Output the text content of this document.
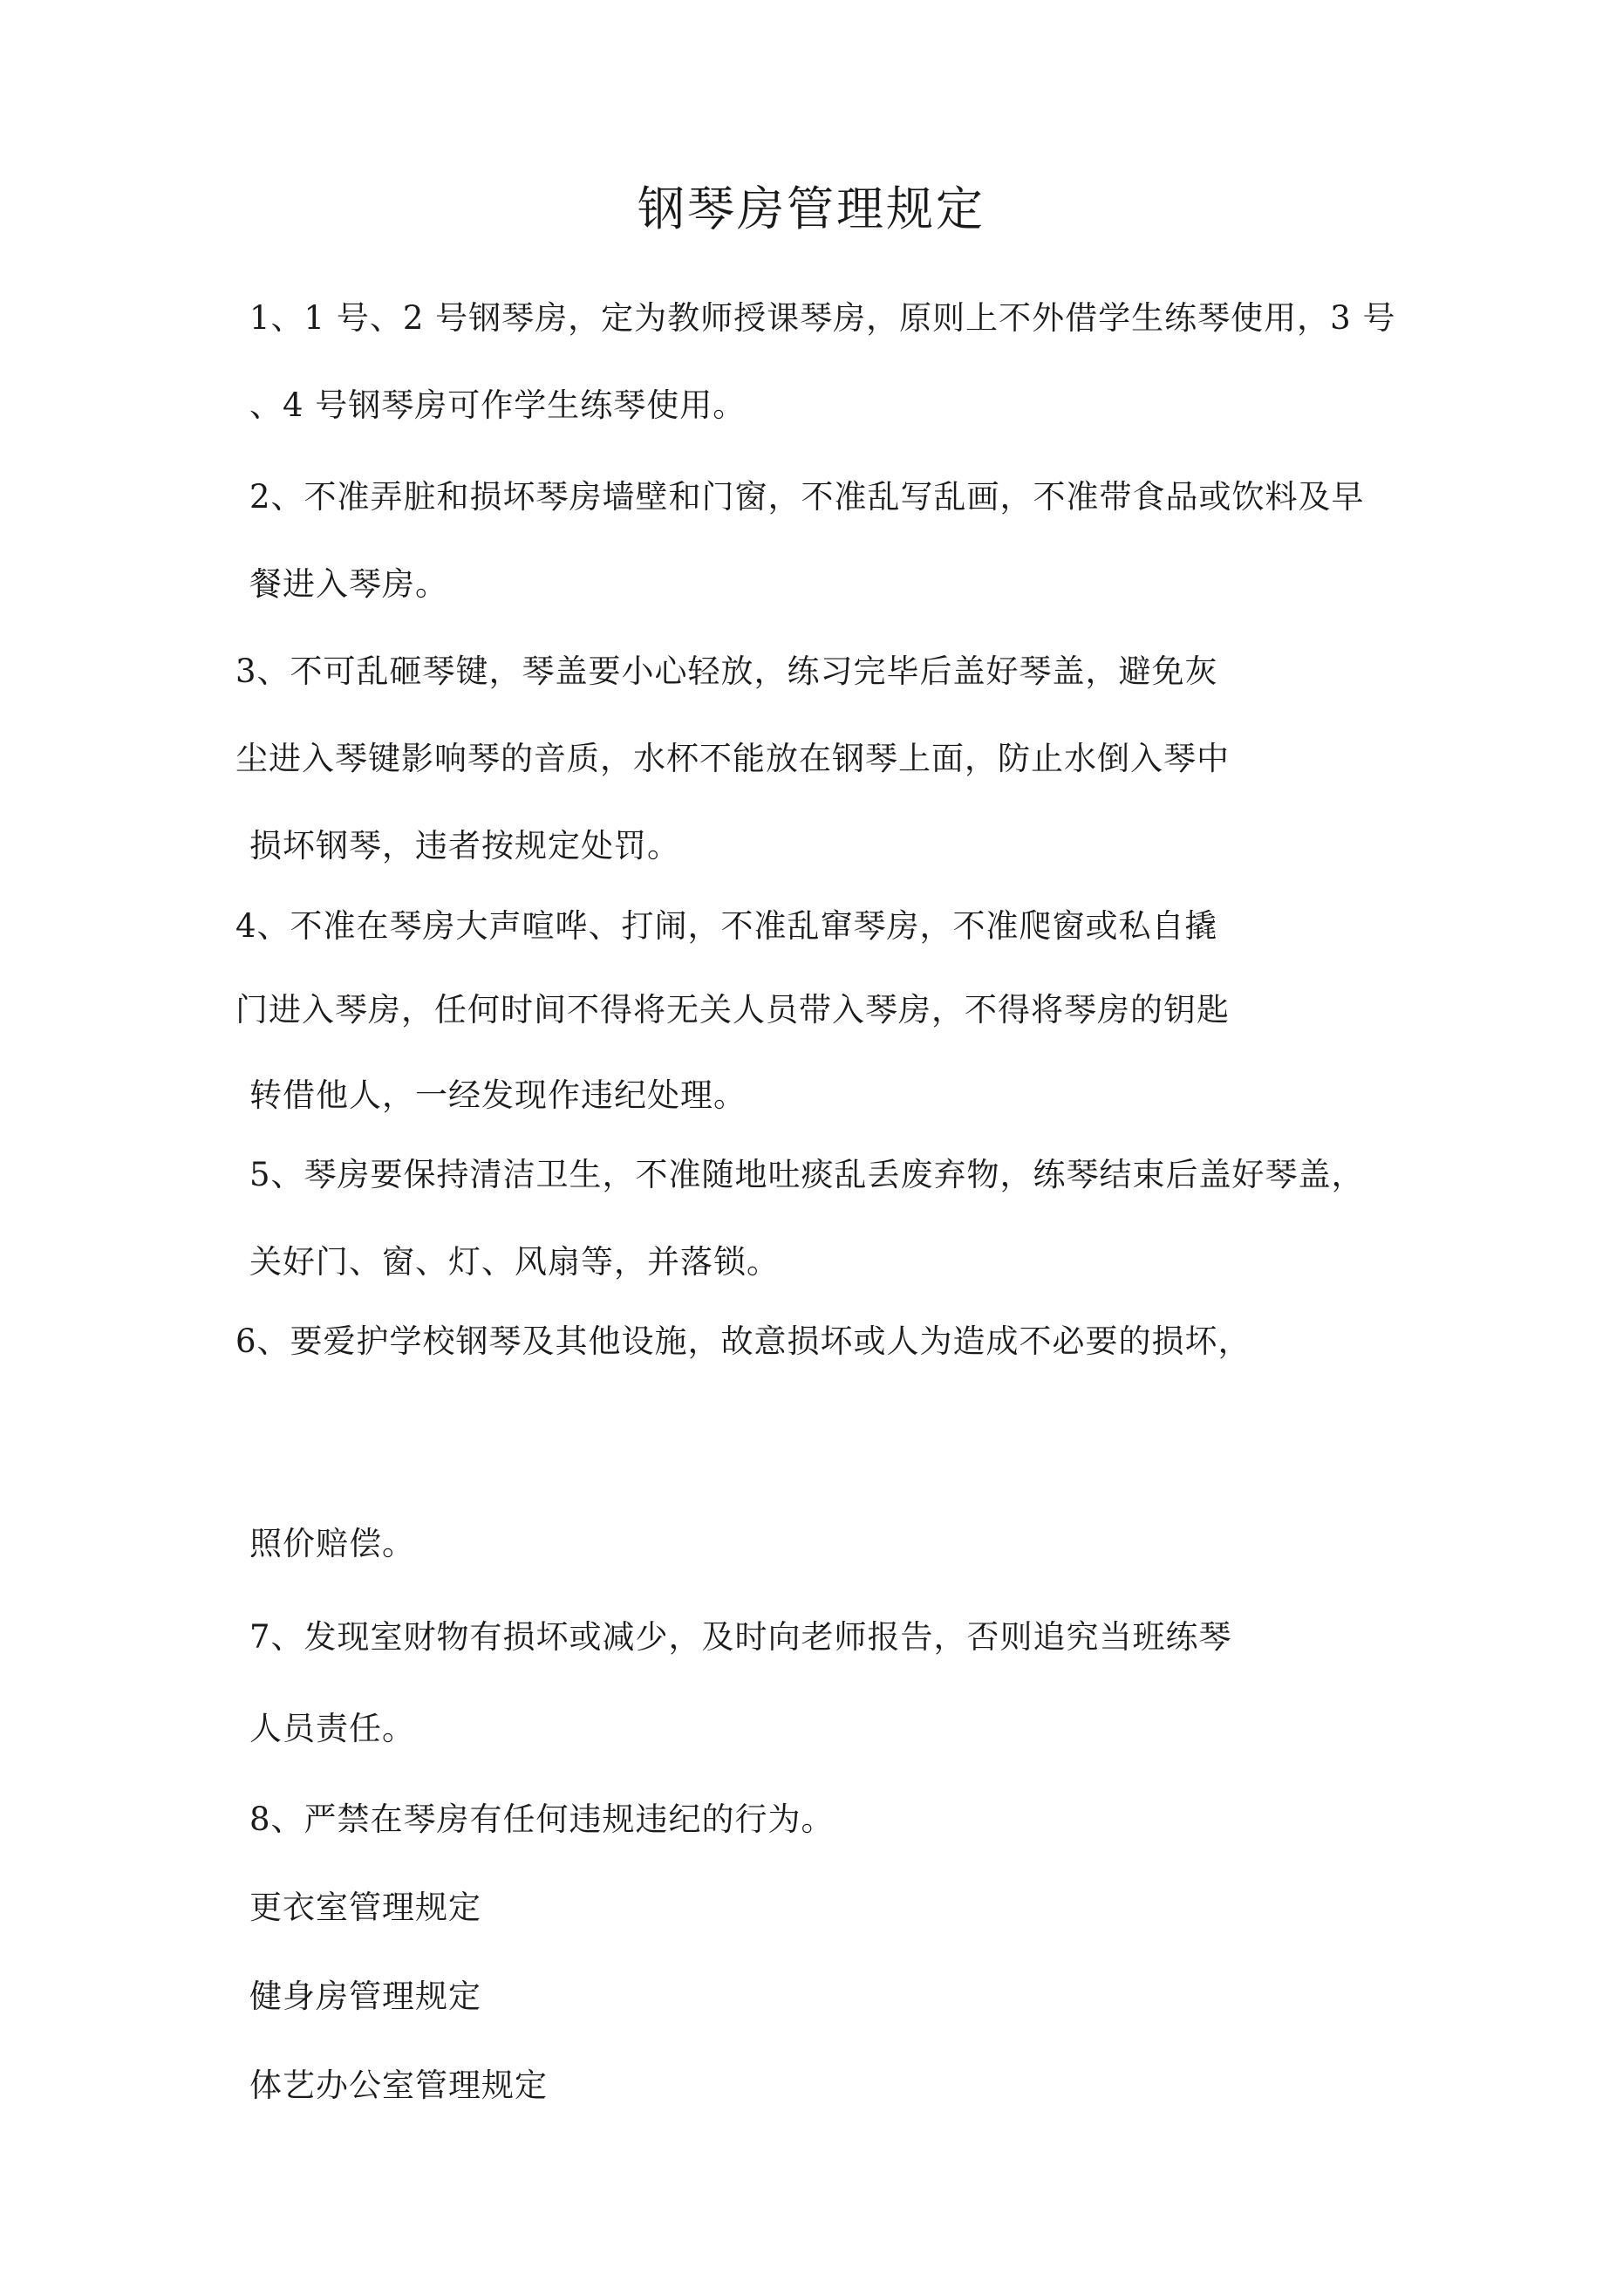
钢琴房管理规定
1、1 号、2 号钢琴房，定为教师授课琴房，原则上不外借学生练琴使用，3 号
、4 号钢琴房可作学生练琴使用。
2、不准弄脏和损坏琴房墙壁和门窗，不准乱写乱画，不准带食品或饮料及早
餐进入琴房。
3、不可乱砸琴键，琴盖要小心轻放，练习完毕后盖好琴盖，避免灰
尘进入琴键影响琴的音质，水杯不能放在钢琴上面，防止水倒入琴中
损坏钢琴，违者按规定处罚。
4、不准在琴房大声喧哗、打闹，不准乱窜琴房，不准爬窗或私自撬
门进入琴房，任何时间不得将无关人员带入琴房，不得将琴房的钥匙
转借他人，一经发现作违纪处理。
5、琴房要保持清洁卫生，不准随地吐痰乱丢废弃物，练琴结束后盖好琴盖，
关好门、窗、灯、风扇等，并落锁。
6、要爱护学校钢琴及其他设施，故意损坏或人为造成不必要的损坏，
照价赔偿。
7、发现室财物有损坏或减少，及时向老师报告，否则追究当班练琴
人员责任。
8、严禁在琴房有任何违规违纪的行为。
更衣室管理规定
健身房管理规定
体艺办公室管理规定
